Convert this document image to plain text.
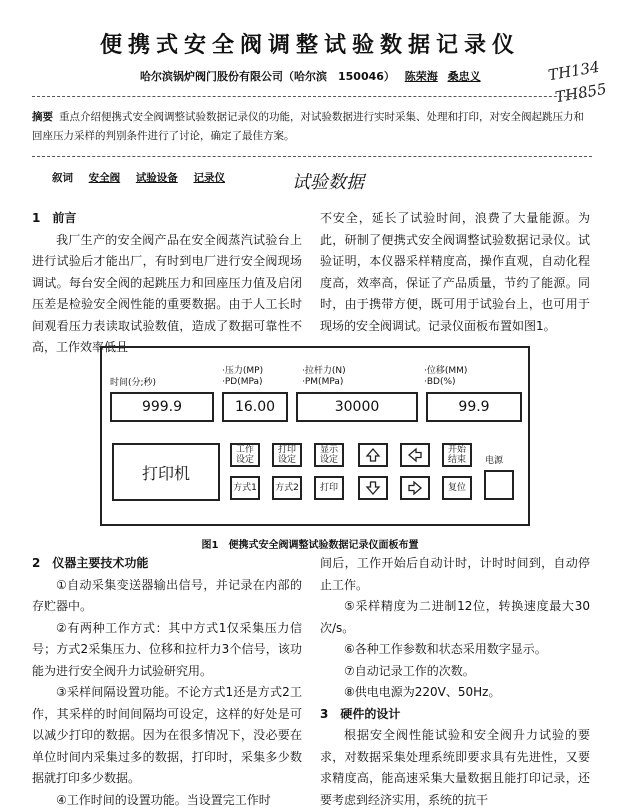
便携式安全阀调整试验数据记录仪
哈尔滨锅炉阀门股份有限公司（哈尔滨　150046） 陈荣海 桑忠义	TH134
TH855
摘要 重点介绍便携式安全阀调整试验数据记录仪的功能，对试验数据进行实时采集、处理和打印，对安全阀起跳压力和回座压力采样的判别条件进行了讨论，确定了最佳方案。
叙词 安全阀 试验设备 记录仪	试验数据
1　前言
我厂生产的安全阀产品在安全阀蒸汽试验台上进行试验后才能出厂，有时到电厂进行安全阀现场调试。每台安全阀的起跳压力和回座压力值及启闭压差是检验安全阀性能的重要数据。由于人工长时间观看压力表读取试验数值，造成了数据可靠性不高，工作效率低且
不安全，延长了试验时间，浪费了大量能源。为此，研制了便携式安全阀调整试验数据记录仪。试验证明，本仪器采样精度高，操作直观，自动化程度高，效率高，保证了产品质量，节约了能源。同时，由于携带方便，既可用于试验台上，也可用于现场的安全阀调试。记录仪面板布置如图1。
时间(分;秒)
·压力(MP)
·PD(MPa)
·拉杆力(N)
·PM(MPa)
·位移(MM)
·BD(%)
999.9	16.00	30000	99.9
打印机
工作设定
打印设定
显示设定
开始结束	电源
方式1	方式2	打印	复位
图1　便携式安全阀调整试验数据记录仪面板布置
2　仪器主要技术功能
①自动采集变送器输出信号，并记录在内部的存贮器中。
②有两种工作方式：其中方式1仅采集压力信号；方式2采集压力、位移和拉杆力3个信号，该功能为进行安全阀升力试验研究用。
③采样间隔设置功能。不论方式1还是方式2工作，其采样的时间间隔均可设定，这样的好处是可以减少打印的数据。因为在很多情况下，没必要在单位时间内采集过多的数据，打印时，采集多少数据就打印多少数据。
④工作时间的设置功能。当设置完工作时
间后，工作开始后自动计时，计时时间到，自动停止工作。
⑤采样精度为二进制12位，转换速度最大30次/s。
⑥各种工作参数和状态采用数字显示。
⑦自动记录工作的次数。
⑧供电电源为220V、50Hz。
3　硬件的设计
根据安全阀性能试验和安全阀升力试验的要求，对数据采集处理系统即要求具有先进性，又要求精度高，能高速采集大量数据且能打印记录，还要考虑到经济实用，系统的抗干
